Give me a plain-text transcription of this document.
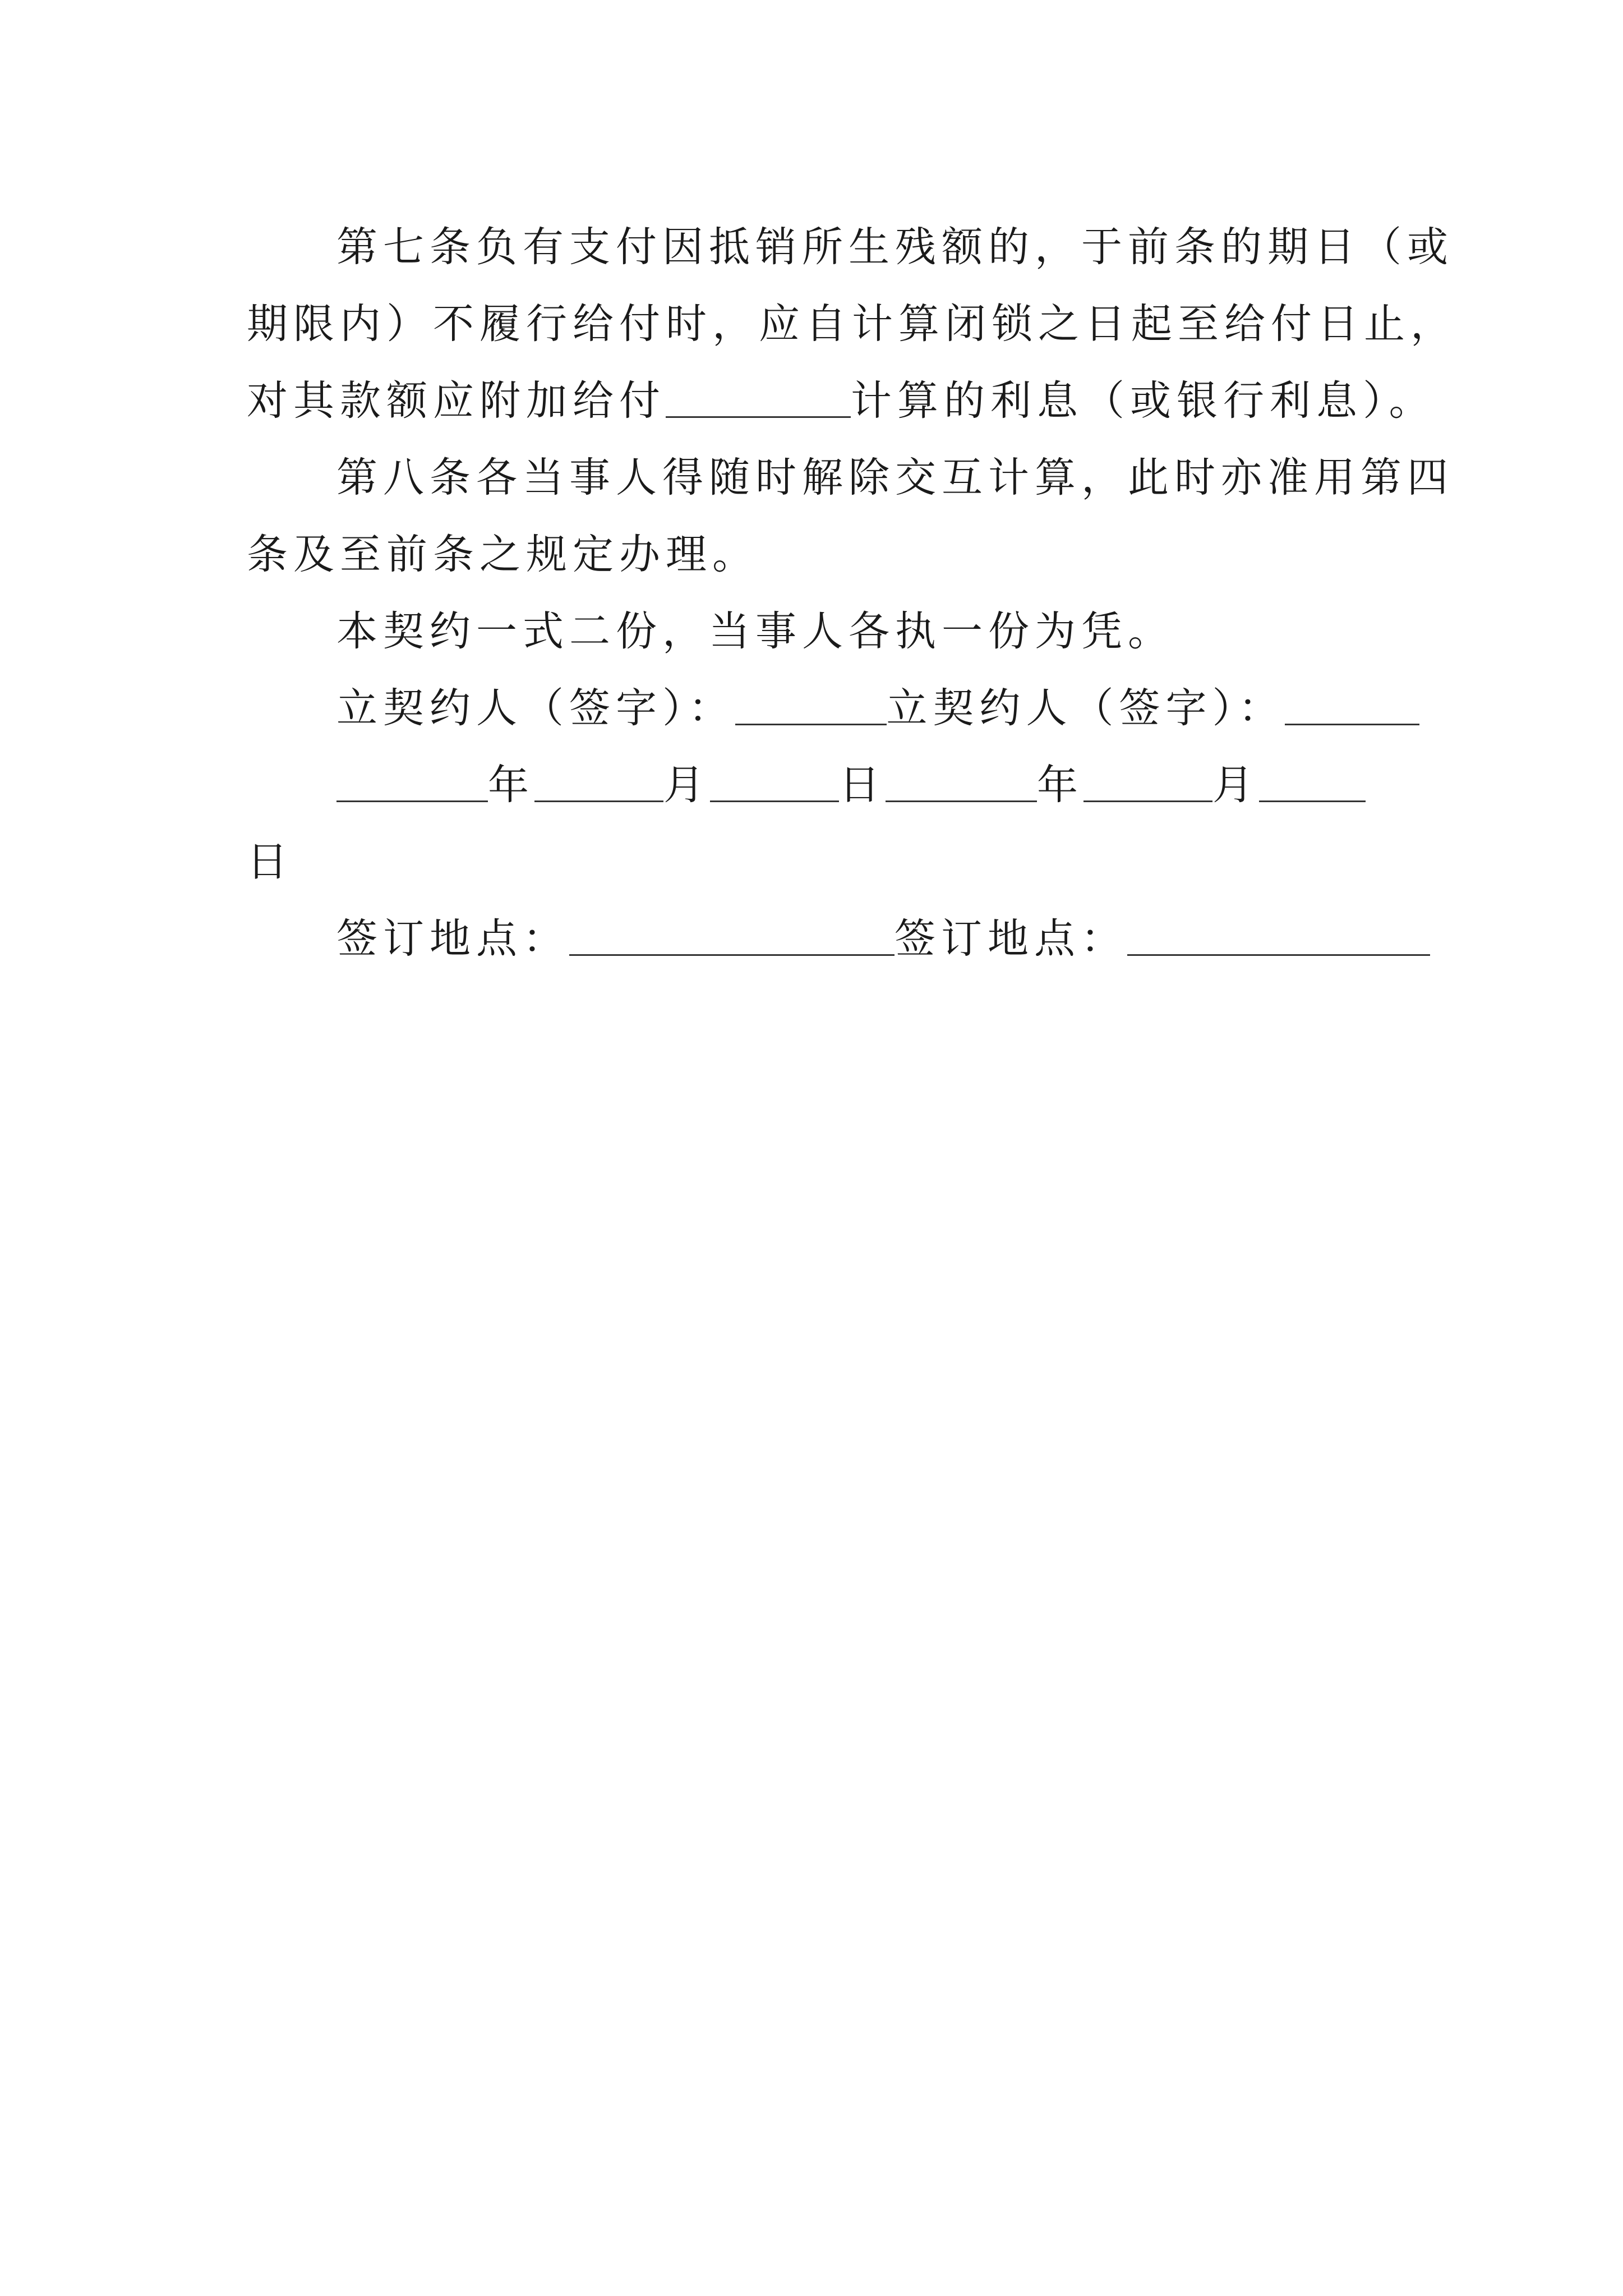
第七条负有支付因抵销所生残额的，于前条的期日（或
期限内）不履行给付时，应自计算闭锁之日起至给付日止，
对其款额应附加给付	计算的利息（或银行利息）。
第八条各当事人得随时解除交互计算，此时亦准用第四
条及至前条之规定办理。
本契约一式二份，当事人各执一份为凭。
立契约人（签字）：	立契约人（签字）：
年	月	日	年	月
日
签订地点：	签订地点：
